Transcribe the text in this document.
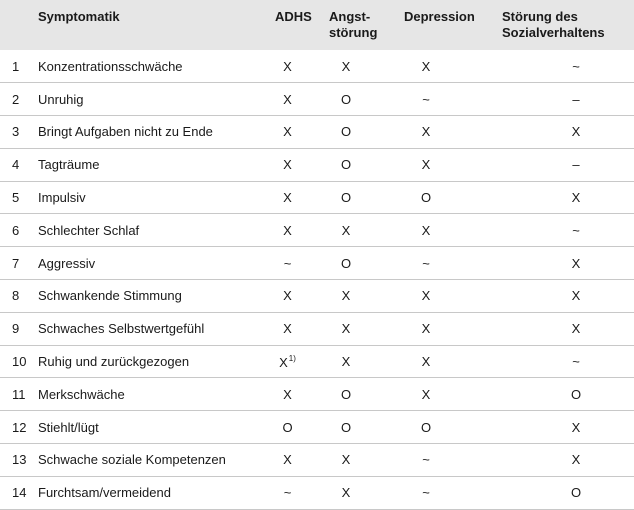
	Symptomatik	ADHS	Angst-
störung	Depression	Störung des
Sozialverhaltens
1	Konzentrationsschwäche	X	X	X	~
2	Unruhig	X	O	~	–
3	Bringt Aufgaben nicht zu Ende	X	O	X	X
4	Tagträume	X	O	X	–
5	Impulsiv	X	O	O	X
6	Schlechter Schlaf	X	X	X	~
7	Aggressiv	~	O	~	X
8	Schwankende Stimmung	X	X	X	X
9	Schwaches Selbstwertgefühl	X	X	X	X
10	Ruhig und zurückgezogen	$X^{1)}$	X	X	~
11	Merkschwäche	X	O	X	O
12	Stiehlt/lügt	O	O	O	X
13	Schwache soziale Kompetenzen	X	X	~	X
14	Furchtsam/vermeidend	~	X	~	O
